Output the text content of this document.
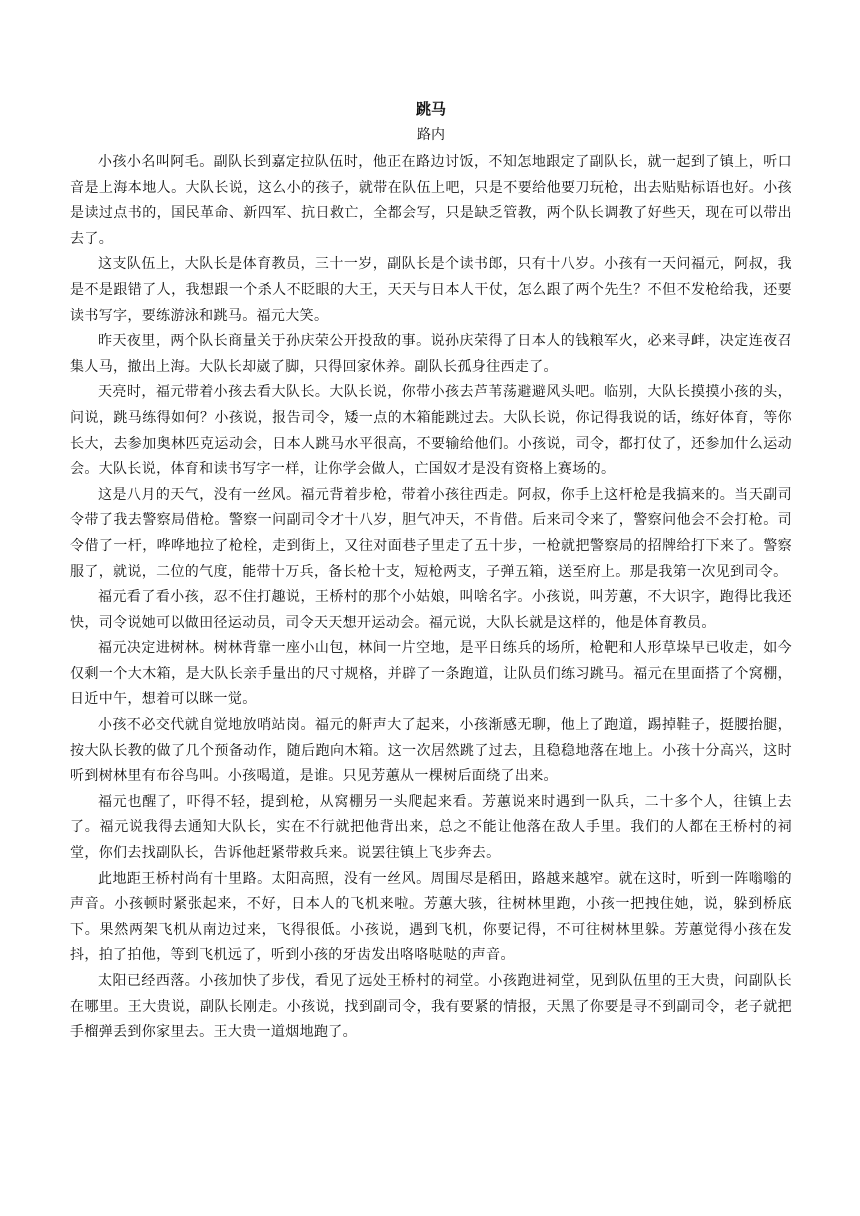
跳马

路内

小孩小名叫阿毛。副队长到嘉定拉队伍时，他正在路边讨饭，不知怎地跟定了副队长，就一起到了镇上，听口音是上海本地人。大队长说，这么小的孩子，就带在队伍上吧，只是不要给他要刀玩枪，出去贴贴标语也好。小孩是读过点书的，国民革命、新四军、抗日救亡，全都会写，只是缺乏管教，两个队长调教了好些天，现在可以带出去了。

这支队伍上，大队长是体育教员，三十一岁，副队长是个读书郎，只有十八岁。小孩有一天问福元，阿叔，我是不是跟错了人，我想跟一个杀人不眨眼的大王，天天与日本人干仗，怎么跟了两个先生？不但不发枪给我，还要读书写字，要练游泳和跳马。福元大笑。

昨天夜里，两个队长商量关于孙庆荣公开投敌的事。说孙庆荣得了日本人的钱粮军火，必来寻衅，决定连夜召集人马，撤出上海。大队长却崴了脚，只得回家休养。副队长孤身往西走了。

天亮时，福元带着小孩去看大队长。大队长说，你带小孩去芦苇荡避避风头吧。临别，大队长摸摸小孩的头，问说，跳马练得如何？小孩说，报告司令，矮一点的木箱能跳过去。大队长说，你记得我说的话，练好体育，等你长大，去参加奥林匹克运动会，日本人跳马水平很高，不要输给他们。小孩说，司令，都打仗了，还参加什么运动会。大队长说，体育和读书写字一样，让你学会做人，亡国奴才是没有资格上赛场的。

这是八月的天气，没有一丝风。福元背着步枪，带着小孩往西走。阿叔，你手上这杆枪是我搞来的。当天副司令带了我去警察局借枪。警察一问副司令才十八岁，胆气冲天，不肯借。后来司令来了，警察问他会不会打枪。司令借了一杆，哗哗地拉了枪栓，走到街上，又往对面巷子里走了五十步，一枪就把警察局的招牌给打下来了。警察服了，就说，二位的气度，能带十万兵，备长枪十支，短枪两支，子弹五箱，送至府上。那是我第一次见到司令。

福元看了看小孩，忍不住打趣说，王桥村的那个小姑娘，叫啥名字。小孩说，叫芳蕙，不大识字，跑得比我还快，司令说她可以做田径运动员，司令天天想开运动会。福元说，大队长就是这样的，他是体育教员。

福元决定进树林。树林背靠一座小山包，林间一片空地，是平日练兵的场所，枪靶和人形草垛早已收走，如今仅剩一个大木箱，是大队长亲手量出的尺寸规格，并辟了一条跑道，让队员们练习跳马。福元在里面搭了个窝棚，日近中午，想着可以眯一觉。

小孩不必交代就自觉地放哨站岗。福元的鼾声大了起来，小孩渐感无聊，他上了跑道，踢掉鞋子，挺腰抬腿，按大队长教的做了几个预备动作，随后跑向木箱。这一次居然跳了过去，且稳稳地落在地上。小孩十分高兴，这时听到树林里有布谷鸟叫。小孩喝道，是谁。只见芳蕙从一棵树后面绕了出来。

福元也醒了，吓得不轻，提到枪，从窝棚另一头爬起来看。芳蕙说来时遇到一队兵，二十多个人，往镇上去了。福元说我得去通知大队长，实在不行就把他背出来，总之不能让他落在敌人手里。我们的人都在王桥村的祠堂，你们去找副队长，告诉他赶紧带救兵来。说罢往镇上飞步奔去。

此地距王桥村尚有十里路。太阳高照，没有一丝风。周围尽是稻田，路越来越窄。就在这时，听到一阵嗡嗡的声音。小孩顿时紧张起来，不好，日本人的飞机来啦。芳蕙大骇，往树林里跑，小孩一把拽住她，说，躲到桥底下。果然两架飞机从南边过来，飞得很低。小孩说，遇到飞机，你要记得，不可往树林里躲。芳蕙觉得小孩在发抖，拍了拍他，等到飞机远了，听到小孩的牙齿发出咯咯哒哒的声音。

太阳已经西落。小孩加快了步伐，看见了远处王桥村的祠堂。小孩跑进祠堂，见到队伍里的王大贵，问副队长在哪里。王大贵说，副队长刚走。小孩说，找到副司令，我有要紧的情报，天黑了你要是寻不到副司令，老子就把手榴弹丢到你家里去。王大贵一道烟地跑了。
